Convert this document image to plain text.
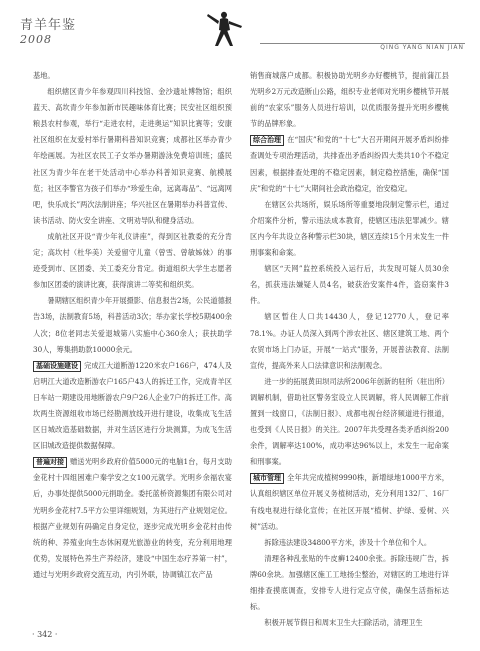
青羊年鉴
2008
QING YANG NIAN JIAN

基地。

组织辖区青少年参观四川科技馆、金沙遗址博物馆；组织蓝天、高坎青少年参加新市民趣味体育比赛；民安社区组织预粮县农村参观，举行“走进农村，走进奥运”知识比赛等；安康社区组织在友爱村举行暑期科普知识竞赛；成都社区举办青少年绘画展。为社区农民工子女举办暑期游泳免费培训班；盛民社区为青少年在老干处活动中心举办科普知识竞赛、航模展览；社区李警官为孩子们举办“珍爱生命，远离毒品”、“远离网吧，快乐成长”两次法制讲座；华兴社区在暑期举办科普宣传、读书活动、防火安全讲座、文明劝导队和健身活动。

成航社区开设“青少年礼仪讲座”，得到区社教委的充分肯定；高坎村（杜华美）关爱留守儿童（曾雪、曾敏姊妹）的事迹受到市、区团委、关工委充分肯定。街道组织大学生志愿者参加区团委的演讲比赛，获得演讲二等奖和组织奖。

暑期辖区组织青少年开展摄影、信息报告2场，公民道德报告3场，法制教育5场，科普活动3次；举办家长学校5期400余人次；8位老同志关爱退城第八实施中心360余人；获扶助学30人，筹集捐助款10000余元。

基础设施建设 完成江大道断游1220米农户166户，474人及启明江大道改造断游农户165户43人的拆迁工作，完成青羊区日车站一期建设用地断游农户9户26人企业7户的拆迁工作。高坎两生资源组收市场已经勘测放线开进行建设，收集成飞生活区日城改造基础数据，并对生活区进行分块测算，为成飞生活区旧城改造提供数据保障。

普遍对接 赠送光明乡政府价值5000元的电脑1台，每月支助金花村十四组困难户秦学安之女100元就学。光明乡余福农宴后，办事处提供5000元捐助金。委托蓝桥资源集团有限公司对光明乡金花村7.5平方公里详细规划，为其进行产业规划定位。根据产业规划有码确定自身定位，逐步完成光明乡金花村由传统的种、养殖业向生态休闲观光旅游业的转变，充分利用地理优势，发展特色养生产养经济，建设“中国生态疗养第一村”，通过与光明乡政府交流互动，内引外联，协调镇江农产品

销售商城落户成都。积极协助光明乡办好樱桃节，提前蒲江县光明乡2万元改造断山公路，组织专业老师对光明乡樱桃节开展前的“农家乐”服务人员进行培训，以优质服务提升光明乡樱桃节的品牌形象。

综合治理 在“国庆”和党的“十七”大召开期间开展矛盾纠纷排查调处专项治理活动，共排查出矛盾纠纷四大类共10个不稳定因素，根据排查处理的不稳定因素，制定稳控措施，确保“国庆”和党的“十七”大期间社会政治稳定，治安稳定。

在辖区公共场所，娱乐场所等重要地段制定警示栏，通过介绍案件分析，警示违法成本教育，使辖区违法犯罪减少。辖区内今年共设立各种警示栏30块，辖区连续15个月未发生一件刑事案和命案。

辖区“天网”监控系统投入运行后，共发现可疑人员30余名，抓获违法嫌疑人员4名，破获治安案件4件，盗窃案件3件。

辖区暂住人口共14430人，登记12770人，登记率78.1%。办证人员深入到两个涉农社区、辖区建筑工地、两个农贸市场上门办证，开展“一站式”服务，开展普法教育、法制宣传，提高外来人口法律意识和法制观念。

进一步的拓展黄田坝司法所2006年创新的驻所（驻出所）调解机制，借助社区警务室设立人民调解，将人民调解工作前置到一线窗口，《法制日报》、成都电视台经济频道进行报道，也受到《人民日报》的关注。2007年共受理各类矛盾纠纷200余件，调解率达100%，成功率达96%以上，未发生一起命案和刑事案。

城市管理 全年共完成植树9990株，新增绿地1000平方米，认真组织辖区单位开展义务植树活动，充分利用132厂、16厂有线电视进行绿化宣传；在社区开展“植树、护绿、爱树、兴树”活动。

拆除违法建设34800平方米，涉及十个单位和个人。

清理各种乱张贴的牛皮癣12400余张。拆除违规广告，拆牌60余块。加强辖区施工工地扬尘整治，对辖区的工地进行详细排查摸底调查，安排专人进行定点守侯，确保生活指标达标。

积极开展节假日和周末卫生大扫除活动，清理卫生

· 342 ·
